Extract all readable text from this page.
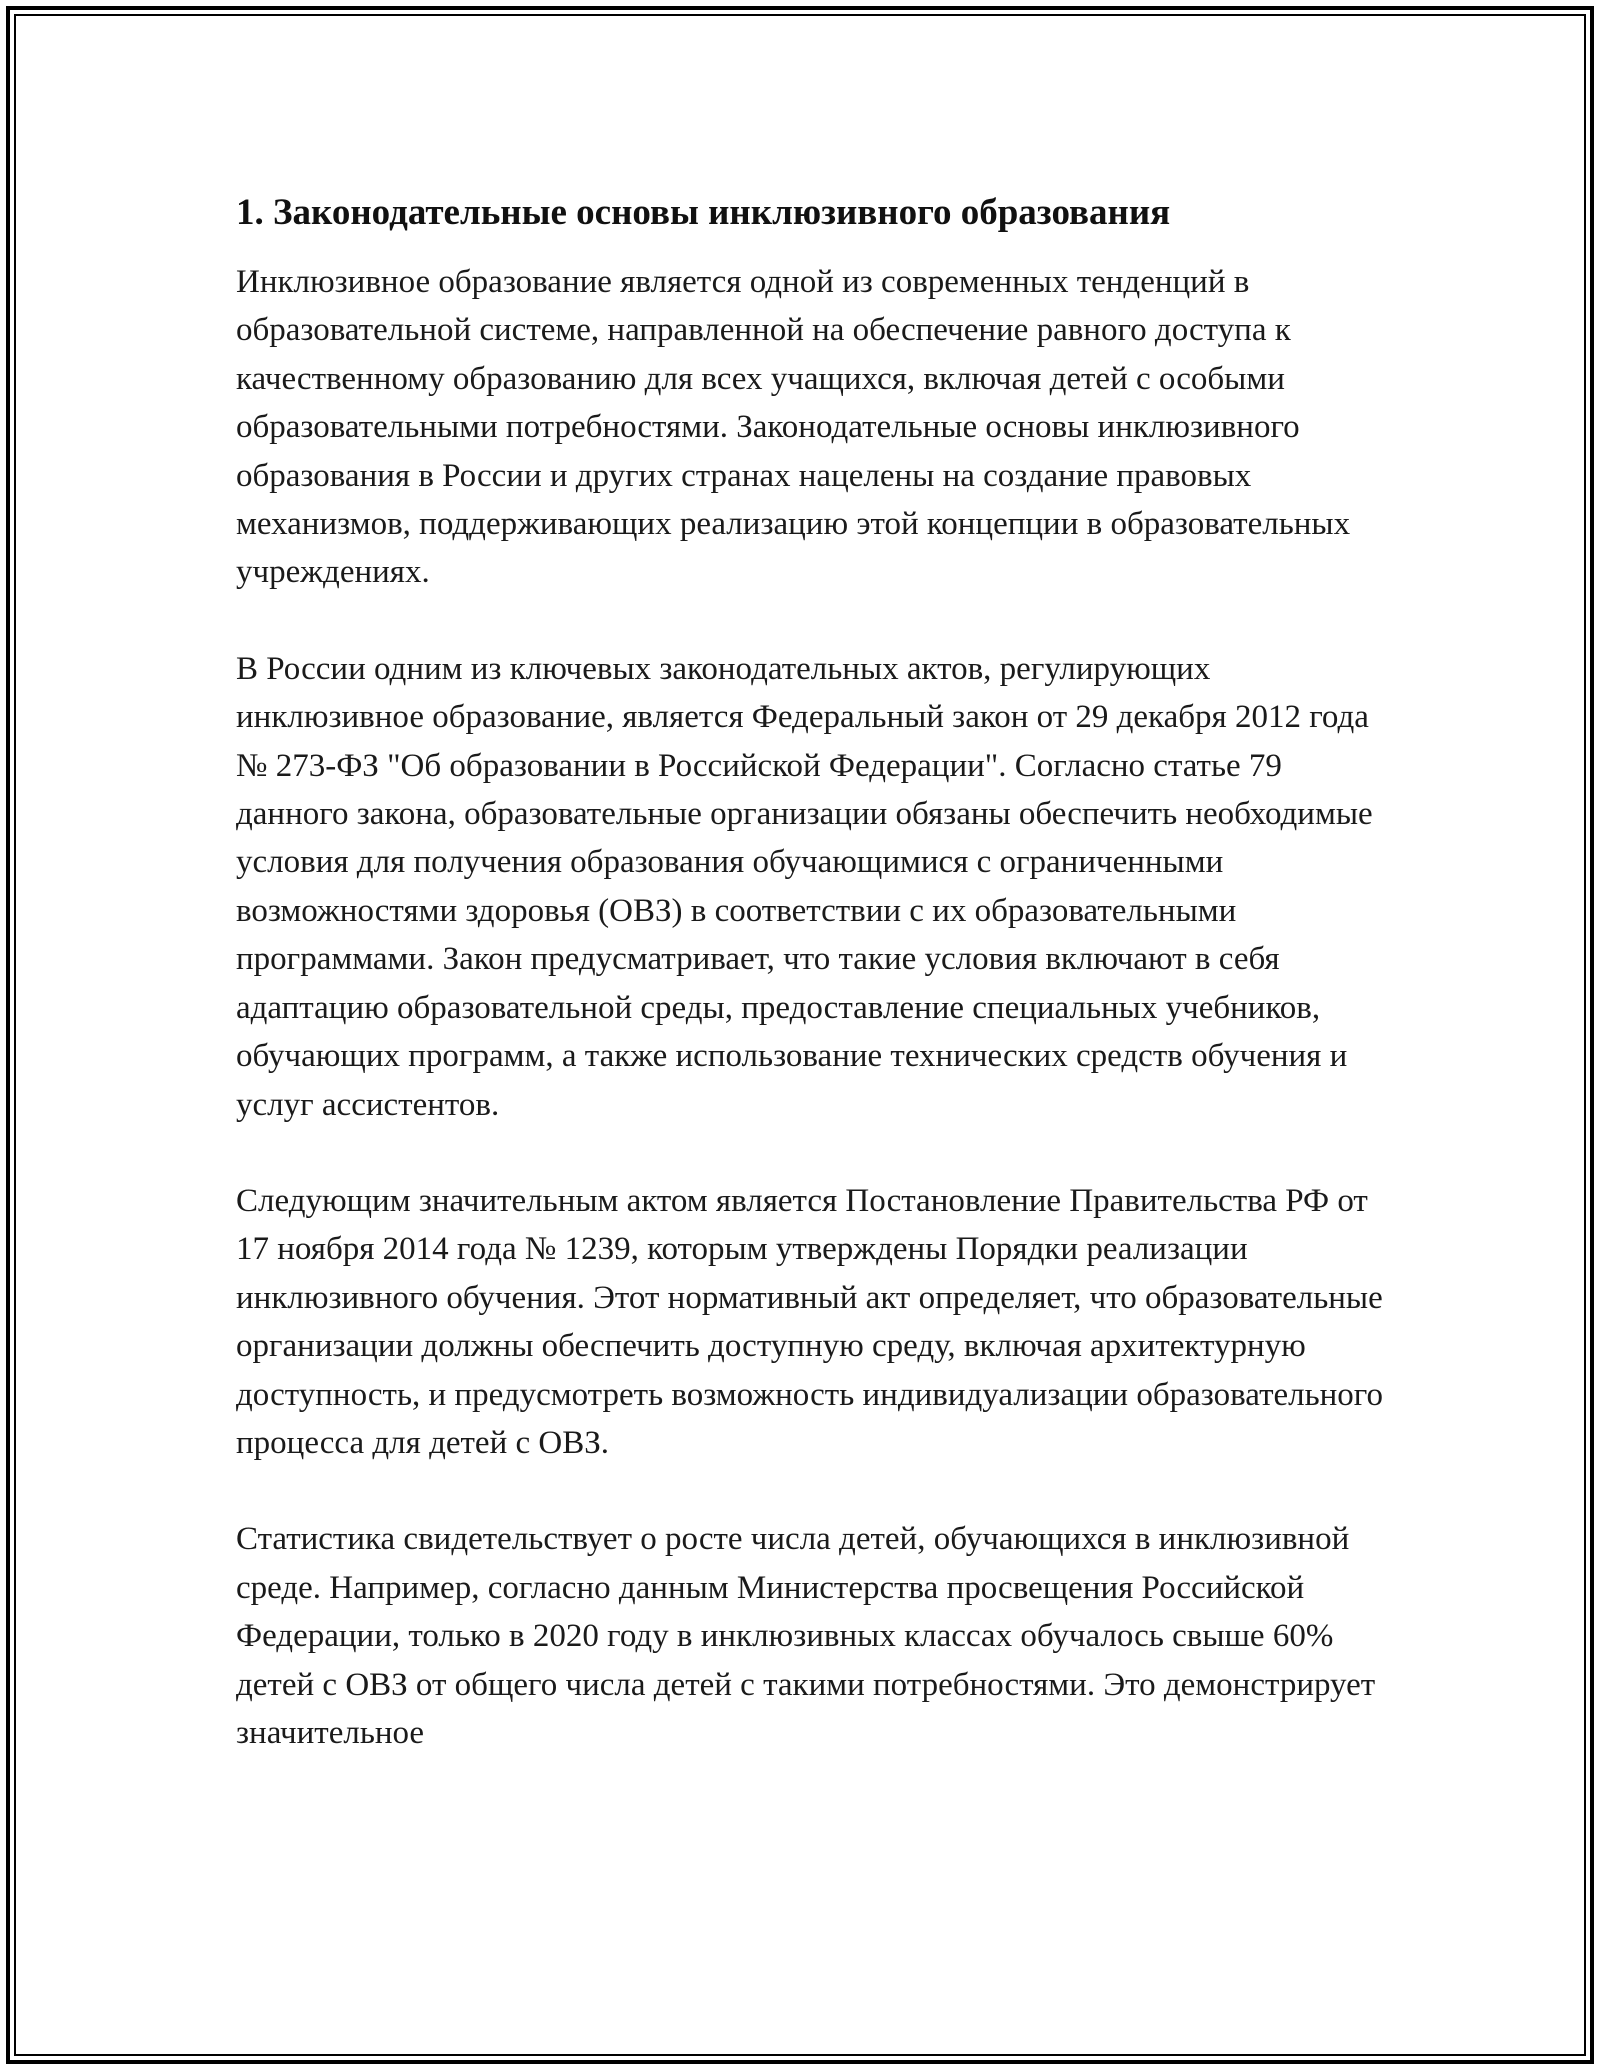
1. Законодательные основы инклюзивного образования

Инклюзивное образование является одной из современных тенденций в образовательной системе, направленной на обеспечение равного доступа к качественному образованию для всех учащихся, включая детей с особыми образовательными потребностями. Законодательные основы инклюзивного образования в России и других странах нацелены на создание правовых механизмов, поддерживающих реализацию этой концепции в образовательных учреждениях.

В России одним из ключевых законодательных актов, регулирующих инклюзивное образование, является Федеральный закон от 29 декабря 2012 года № 273-ФЗ "Об образовании в Российской Федерации". Согласно статье 79 данного закона, образовательные организации обязаны обеспечить необходимые условия для получения образования обучающимися с ограниченными возможностями здоровья (ОВЗ) в соответствии с их образовательными программами. Закон предусматривает, что такие условия включают в себя адаптацию образовательной среды, предоставление специальных учебников, обучающих программ, а также использование технических средств обучения и услуг ассистентов.

Следующим значительным актом является Постановление Правительства РФ от 17 ноября 2014 года № 1239, которым утверждены Порядки реализации инклюзивного обучения. Этот нормативный акт определяет, что образовательные организации должны обеспечить доступную среду, включая архитектурную доступность, и предусмотреть возможность индивидуализации образовательного процесса для детей с ОВЗ.

Статистика свидетельствует о росте числа детей, обучающихся в инклюзивной среде. Например, согласно данным Министерства просвещения Российской Федерации, только в 2020 году в инклюзивных классах обучалось свыше 60% детей с ОВЗ от общего числа детей с такими потребностями. Это демонстрирует значительное
